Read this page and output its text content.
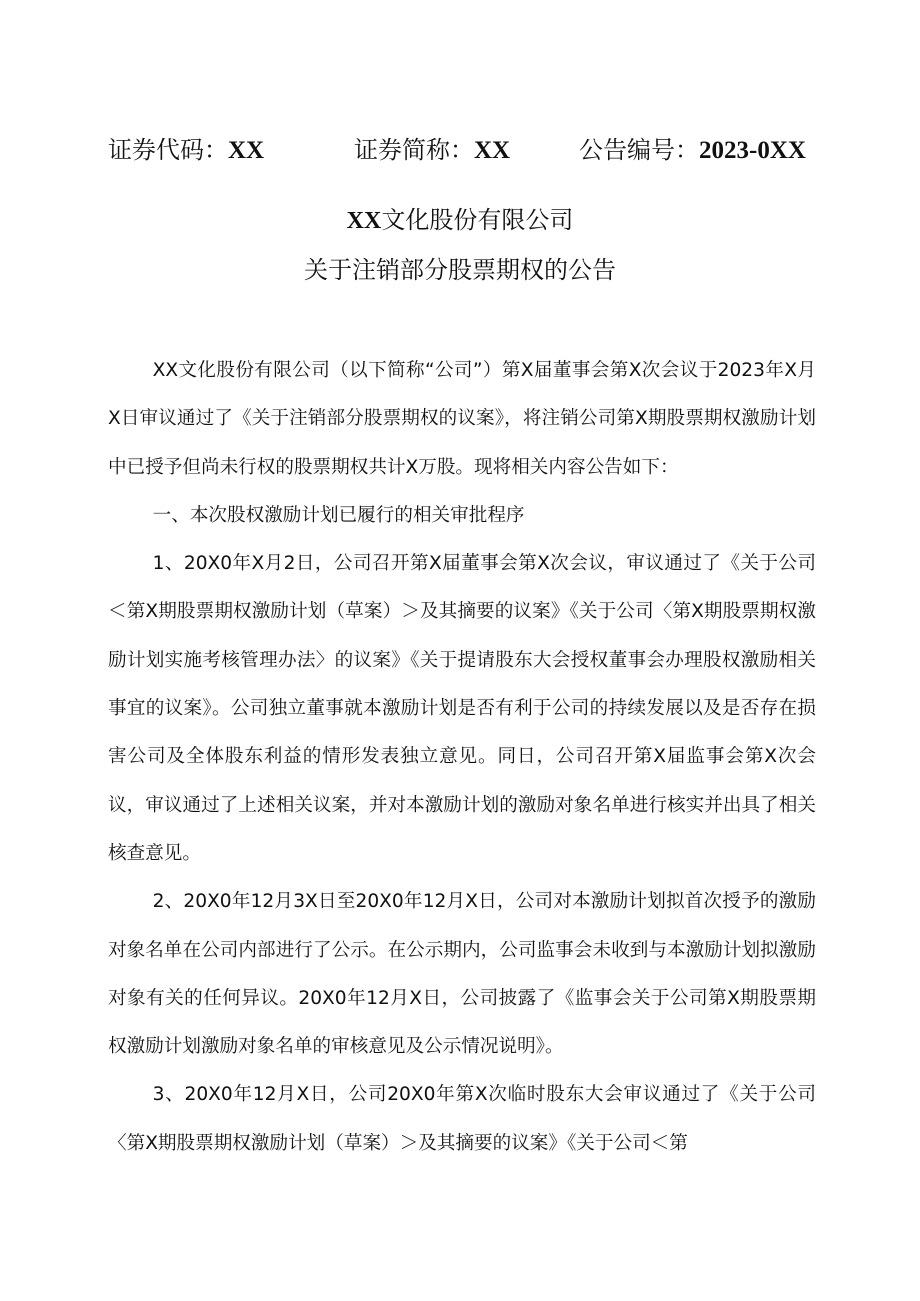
证券代码：XX	证券简称：XX	公告编号：2023-0XX
XX文化股份有限公司
关于注销部分股票期权的公告

XX文化股份有限公司（以下简称“公司”）第X届董事会第X次会议于2023年X月X日审议通过了《关于注销部分股票期权的议案》，将注销公司第X期股票期权激励计划中已授予但尚未行权的股票期权共计X万股。现将相关内容公告如下：

一、本次股权激励计划已履行的相关审批程序

1、20X0年X月2日，公司召开第X届董事会第X次会议，审议通过了《关于公司＜第X期股票期权激励计划（草案）＞及其摘要的议案》《关于公司〈第X期股票期权激励计划实施考核管理办法〉的议案》《关于提请股东大会授权董事会办理股权激励相关事宜的议案》。公司独立董事就本激励计划是否有利于公司的持续发展以及是否存在损害公司及全体股东利益的情形发表独立意见。同日，公司召开第X届监事会第X次会议，审议通过了上述相关议案，并对本激励计划的激励对象名单进行核实并出具了相关核查意见。

2、20X0年12月3X日至20X0年12月X日，公司对本激励计划拟首次授予的激励对象名单在公司内部进行了公示。在公示期内，公司监事会未收到与本激励计划拟激励对象有关的任何异议。20X0年12月X日，公司披露了《监事会关于公司第X期股票期权激励计划激励对象名单的审核意见及公示情况说明》。

3、20X0年12月X日，公司20X0年第X次临时股东大会审议通过了《关于公司〈第X期股票期权激励计划（草案）＞及其摘要的议案》《关于公司＜第
